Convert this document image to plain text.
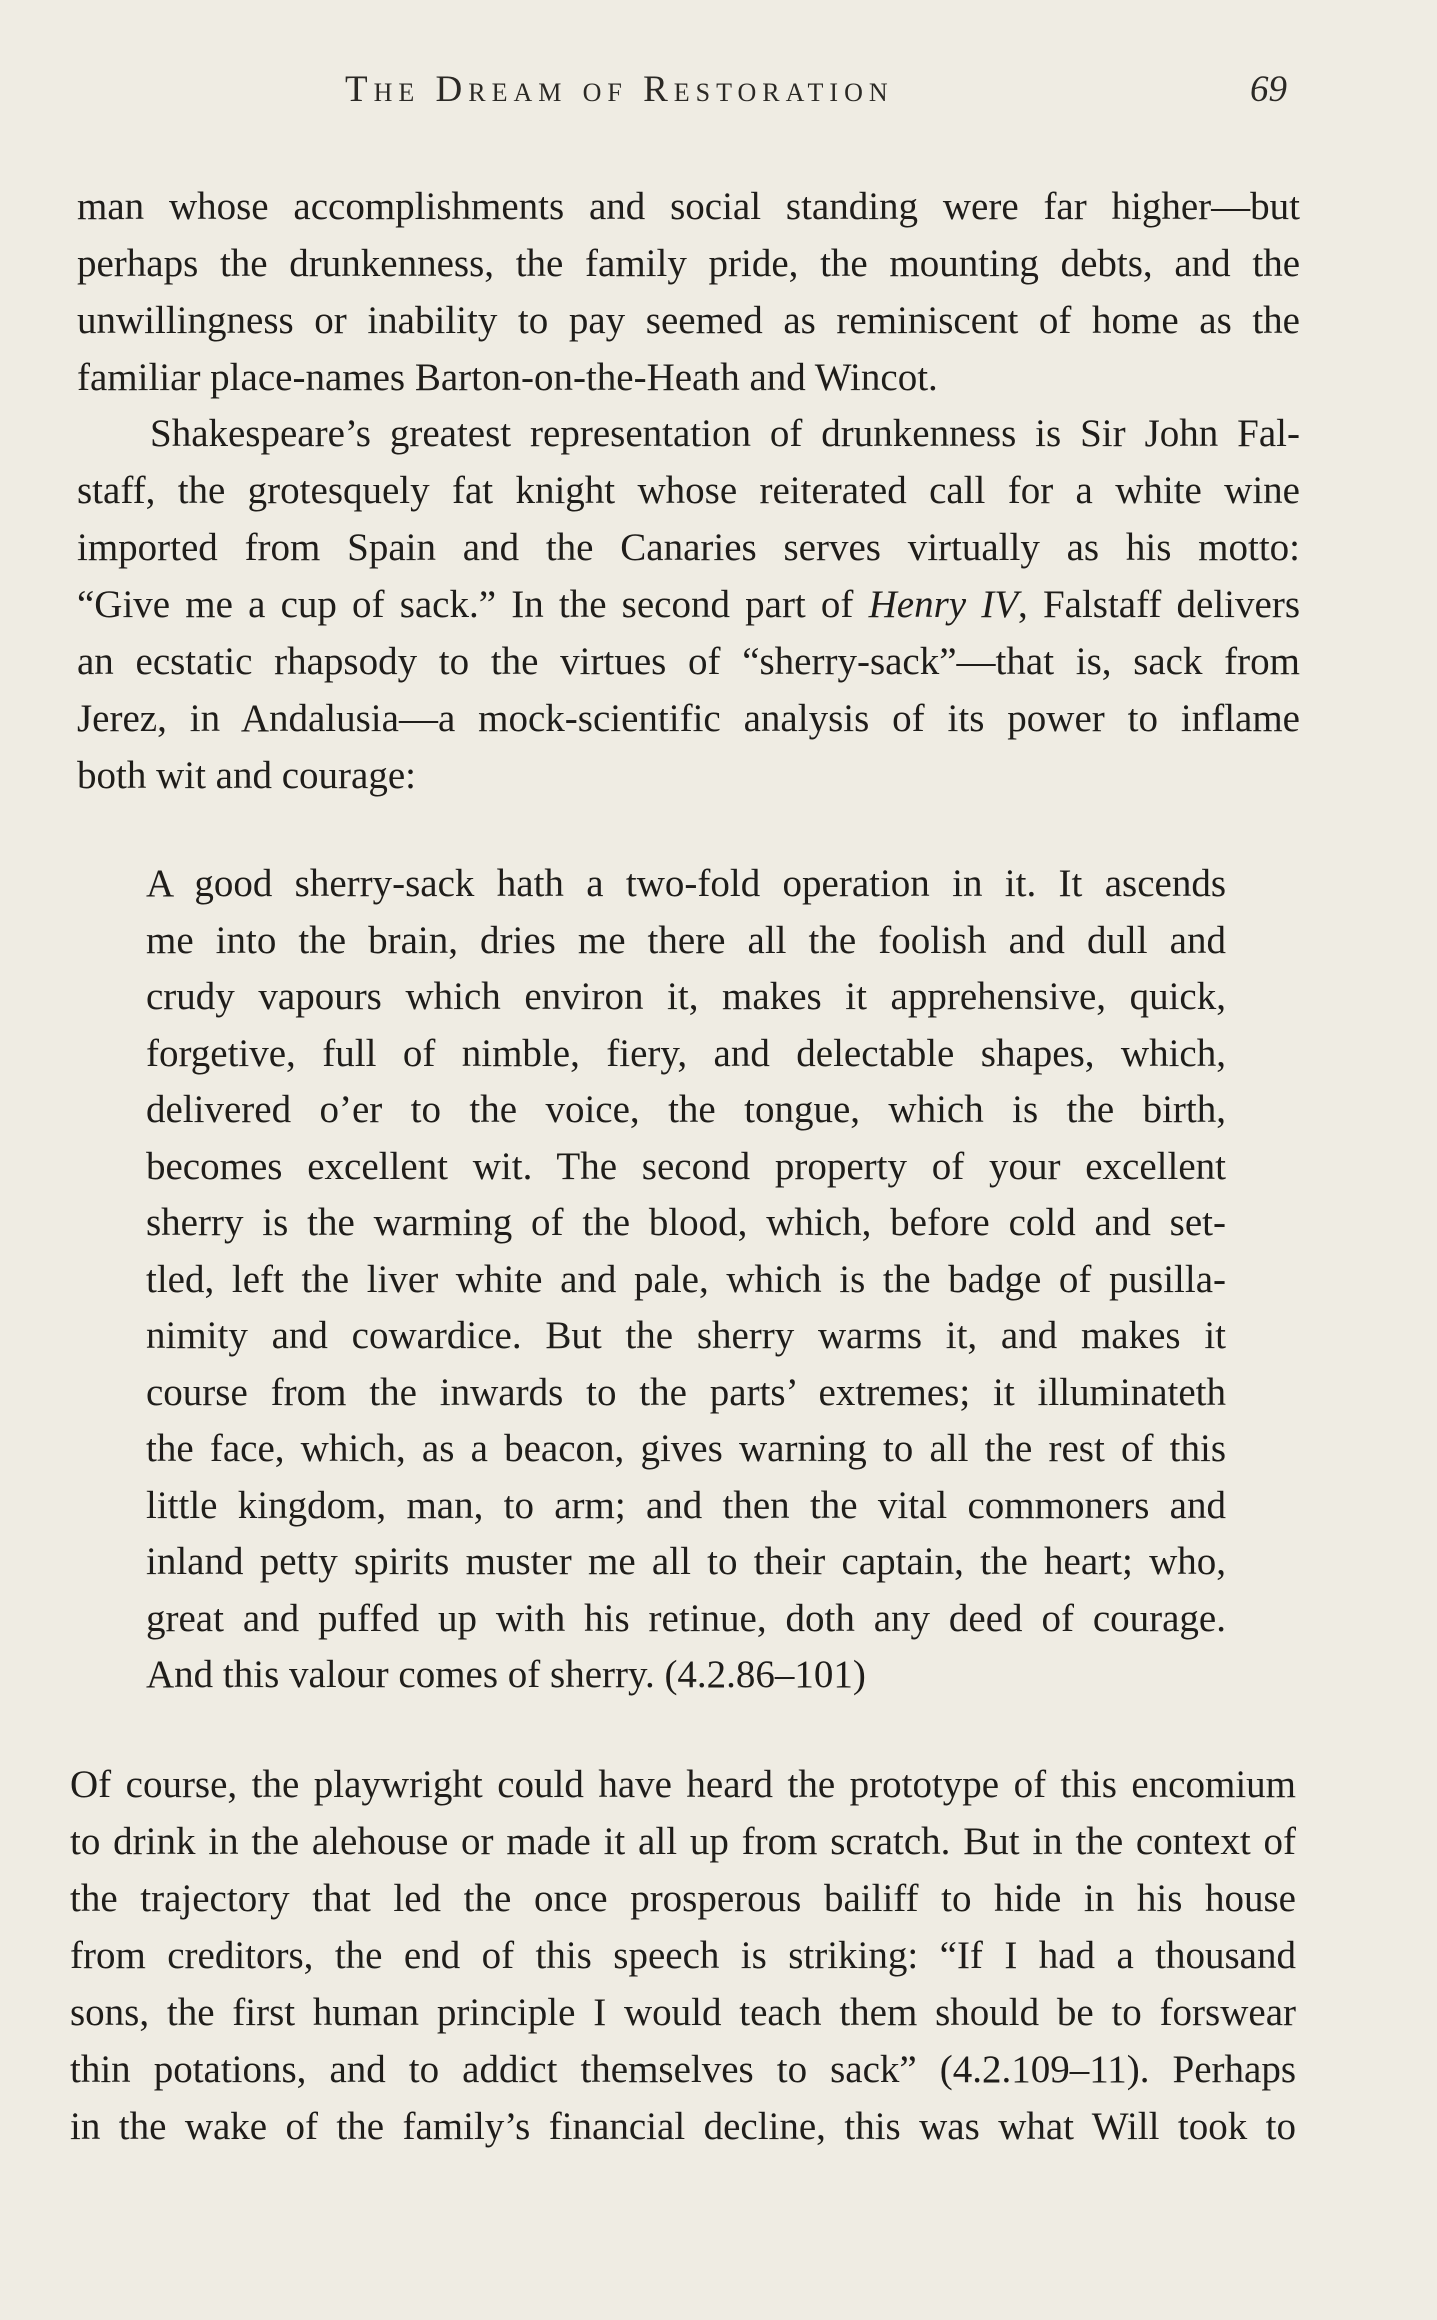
The Dream of Restoration	69
man whose accomplishments and social standing were far higher—but
perhaps the drunkenness, the family pride, the mounting debts, and the
unwillingness or inability to pay seemed as reminiscent of home as the
familiar place-names Barton-on-the-Heath and Wincot.
Shakespeare’s greatest representation of drunkenness is Sir John Fal-
staff, the grotesquely fat knight whose reiterated call for a white wine
imported from Spain and the Canaries serves virtually as his motto:
“Give me a cup of sack.” In the second part of Henry IV, Falstaff delivers
an ecstatic rhapsody to the virtues of “sherry-sack”—that is, sack from
Jerez, in Andalusia—a mock-scientific analysis of its power to inflame
both wit and courage:
A good sherry-sack hath a two-fold operation in it. It ascends
me into the brain, dries me there all the foolish and dull and
crudy vapours which environ it, makes it apprehensive, quick,
forgetive, full of nimble, fiery, and delectable shapes, which,
delivered o’er to the voice, the tongue, which is the birth,
becomes excellent wit. The second property of your excellent
sherry is the warming of the blood, which, before cold and set-
tled, left the liver white and pale, which is the badge of pusilla-
nimity and cowardice. But the sherry warms it, and makes it
course from the inwards to the parts’ extremes; it illuminateth
the face, which, as a beacon, gives warning to all the rest of this
little kingdom, man, to arm; and then the vital commoners and
inland petty spirits muster me all to their captain, the heart; who,
great and puffed up with his retinue, doth any deed of courage.
And this valour comes of sherry. (4.2.86–101)
Of course, the playwright could have heard the prototype of this encomium
to drink in the alehouse or made it all up from scratch. But in the context of
the trajectory that led the once prosperous bailiff to hide in his house
from creditors, the end of this speech is striking: “If I had a thousand
sons, the first human principle I would teach them should be to forswear
thin potations, and to addict themselves to sack” (4.2.109–11). Perhaps
in the wake of the family’s financial decline, this was what Will took to
